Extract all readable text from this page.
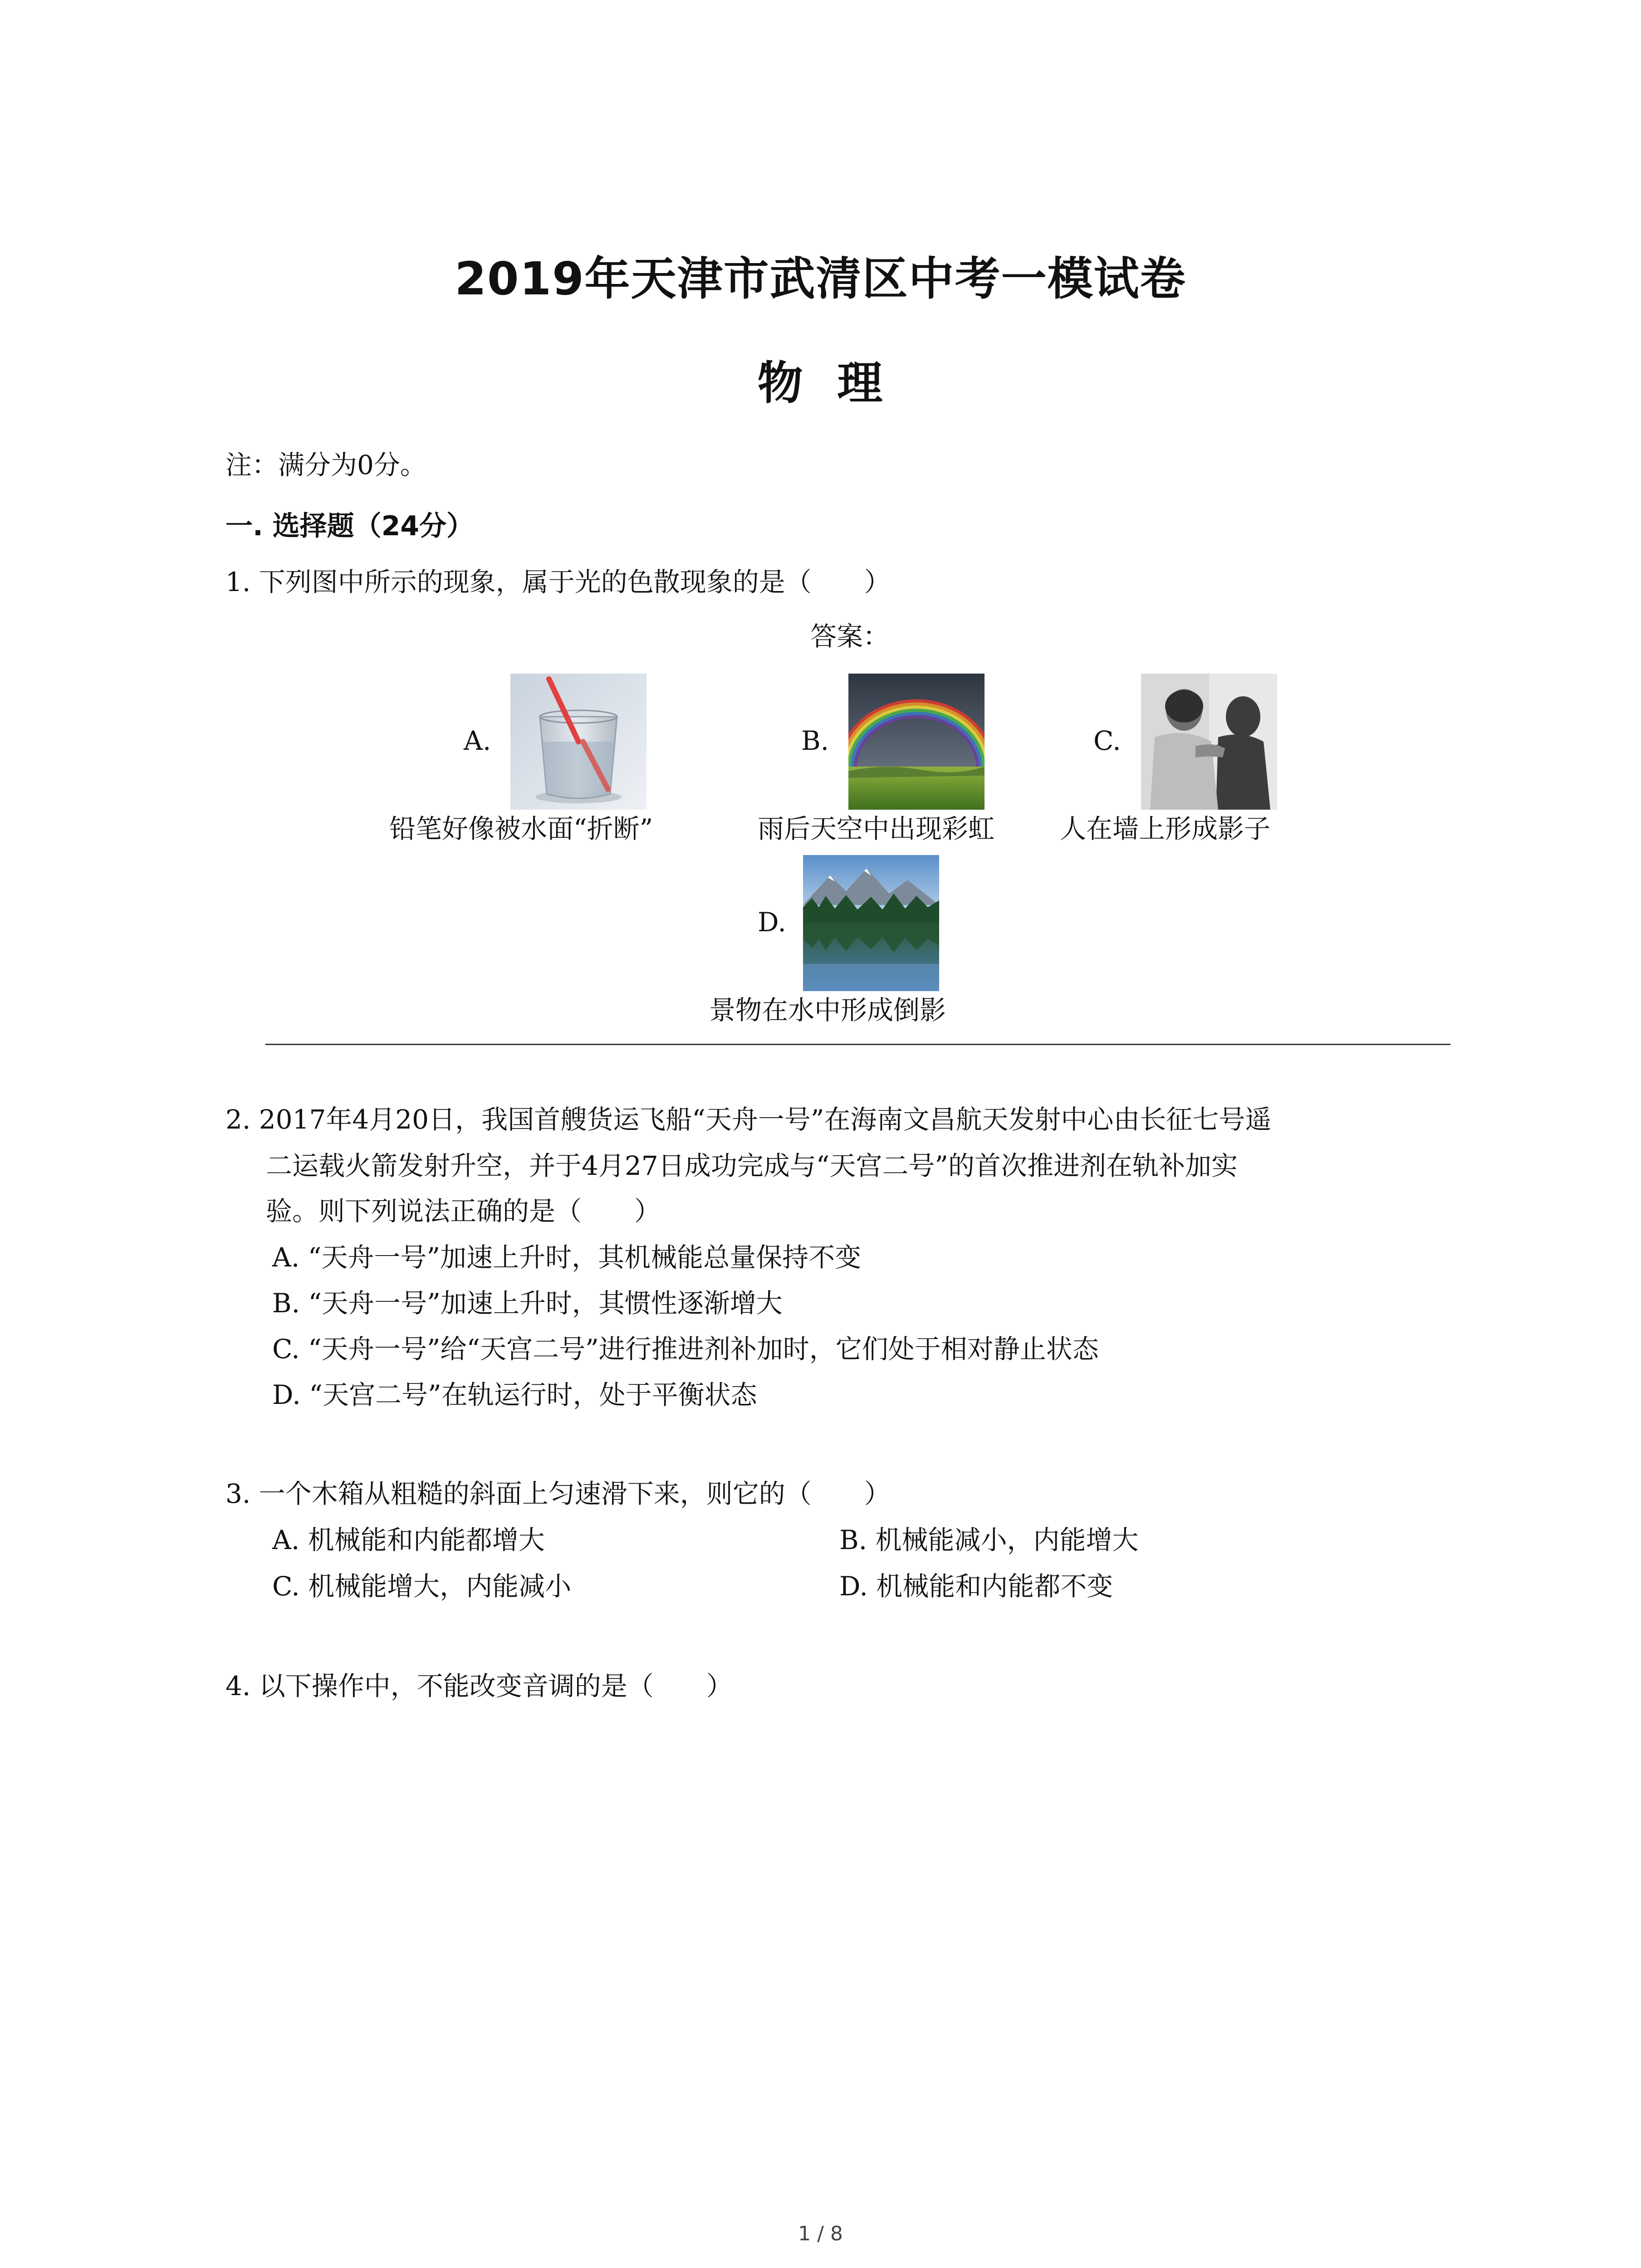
2019年天津市武清区中考一模试卷
物  理
注：满分为0分。
一. 选择题（24分）
1. 下列图中所示的现象，属于光的色散现象的是（　　）
答案：
A.
铅笔好像被水面“折断”
B.
雨后天空中出现彩虹
C.
人在墙上形成影子
D.
景物在水中形成倒影
2. 2017年4月20日，我国首艘货运飞船“天舟一号”在海南文昌航天发射中心由长征七号遥
二运载火箭发射升空，并于4月27日成功完成与“天宫二号”的首次推进剂在轨补加实
验。则下列说法正确的是（　　）
A. “天舟一号”加速上升时，其机械能总量保持不变
B. “天舟一号”加速上升时，其惯性逐渐增大
C. “天舟一号”给“天宫二号”进行推进剂补加时，它们处于相对静止状态
D. “天宫二号”在轨运行时，处于平衡状态
3. 一个木箱从粗糙的斜面上匀速滑下来，则它的（　　）
A. 机械能和内能都增大	B. 机械能减小，内能增大
C. 机械能增大，内能减小	D. 机械能和内能都不变
4. 以下操作中，不能改变音调的是（　　）
1 / 8
